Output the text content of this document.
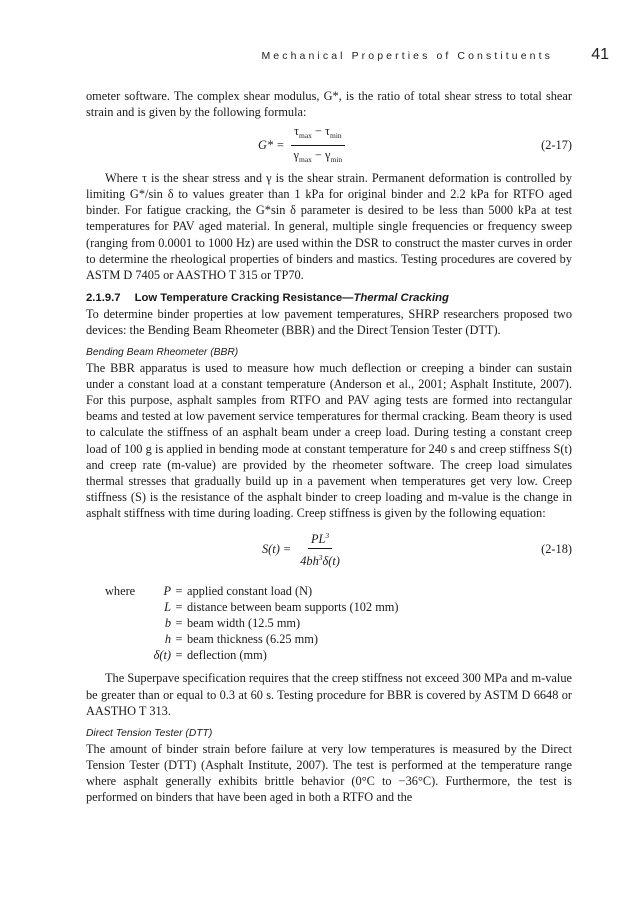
Mechanical Properties of Constituents 41

ometer software. The complex shear modulus, G*, is the ratio of total shear stress to total shear strain and is given by the following formula:

$G* = \frac{\tau_{max} - \tau_{min}}{\gamma_{max} - \gamma_{min}}$	(2-17)

Where τ is the shear stress and γ is the shear strain. Permanent deformation is controlled by limiting G*/sin δ to values greater than 1 kPa for original binder and 2.2 kPa for RTFO aged binder. For fatigue cracking, the G*sin δ parameter is desired to be less than 5000 kPa at test temperatures for PAV aged material. In general, multiple single frequencies or frequency sweep (ranging from 0.0001 to 1000 Hz) are used within the DSR to construct the master curves in order to determine the rheological properties of binders and mastics. Testing procedures are covered by ASTM D 7405 or AASTHO T 315 or TP70.

2.1.9.7 Low Temperature Cracking Resistance—Thermal Cracking

To determine binder properties at low pavement temperatures, SHRP researchers proposed two devices: the Bending Beam Rheometer (BBR) and the Direct Tension Tester (DTT).

Bending Beam Rheometer (BBR)

The BBR apparatus is used to measure how much deflection or creeping a binder can sustain under a constant load at a constant temperature (Anderson et al., 2001; Asphalt Institute, 2007). For this purpose, asphalt samples from RTFO and PAV aging tests are formed into rectangular beams and tested at low pavement service temperatures for thermal cracking. Beam theory is used to calculate the stiffness of an asphalt beam under a creep load. During testing a constant creep load of 100 g is applied in bending mode at constant temperature for 240 s and creep stiffness S(t) and creep rate (m-value) are provided by the rheometer software. The creep load simulates thermal stresses that gradually build up in a pavement when temperatures get very low. Creep stiffness (S) is the resistance of the asphalt binder to creep loading and m-value is the change in asphalt stiffness with time during loading. Creep stiffness is given by the following equation:

$S(t) = \frac{PL^3}{4bh^3\delta(t)}$	(2-18)
where	P = applied constant load (N)
L = distance between beam supports (102 mm)
b = beam width (12.5 mm)
h = beam thickness (6.25 mm)
δ(t) = deflection (mm)

The Superpave specification requires that the creep stiffness not exceed 300 MPa and m-value be greater than or equal to 0.3 at 60 s. Testing procedure for BBR is covered by ASTM D 6648 or AASTHO T 313.

Direct Tension Tester (DTT)

The amount of binder strain before failure at very low temperatures is measured by the Direct Tension Tester (DTT) (Asphalt Institute, 2007). The test is performed at the temperature range where asphalt generally exhibits brittle behavior (0°C to −36°C). Furthermore, the test is performed on binders that have been aged in both a RTFO and the
